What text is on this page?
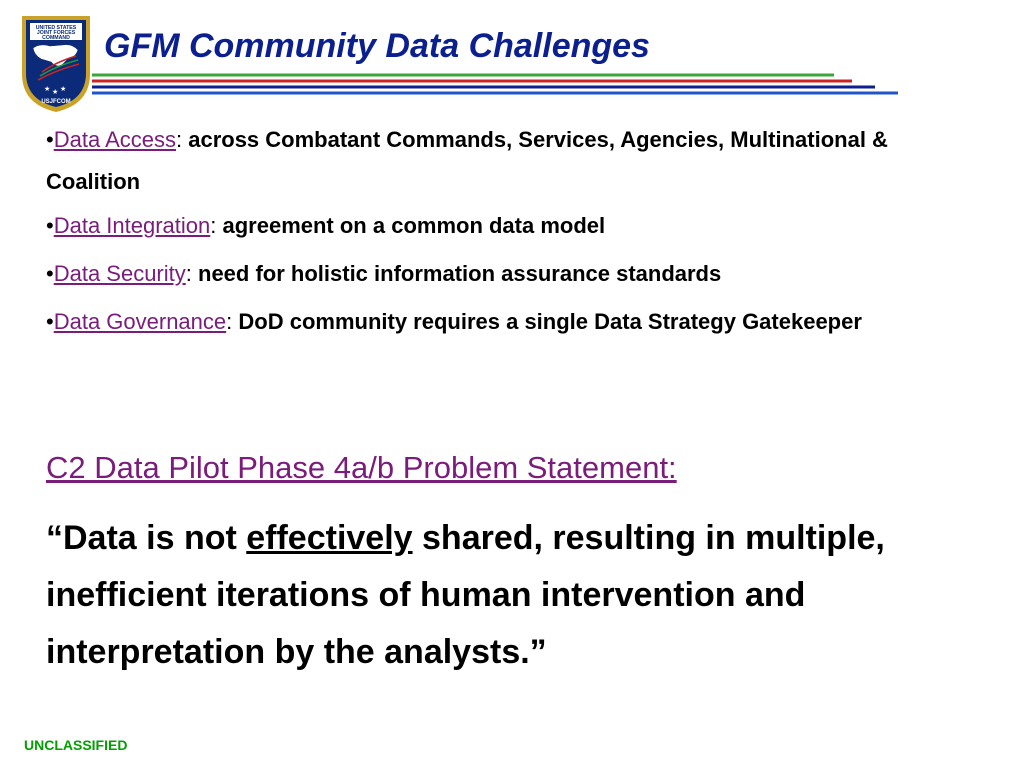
UNITED STATES
JOINT FORCES
COMMAND
★ ★ ★
USJFCOM
GFM Community Data Challenges
•Data Access: across Combatant Commands, Services, Agencies, Multinational & Coalition
•Data Integration: agreement on a common data model
•Data Security: need for holistic information assurance standards
•Data Governance: DoD community requires a single Data Strategy Gatekeeper
C2 Data Pilot Phase 4a/b Problem Statement:
“Data is not effectively shared, resulting in multiple, inefficient iterations of human intervention and interpretation by the analysts.”
UNCLASSIFIED
